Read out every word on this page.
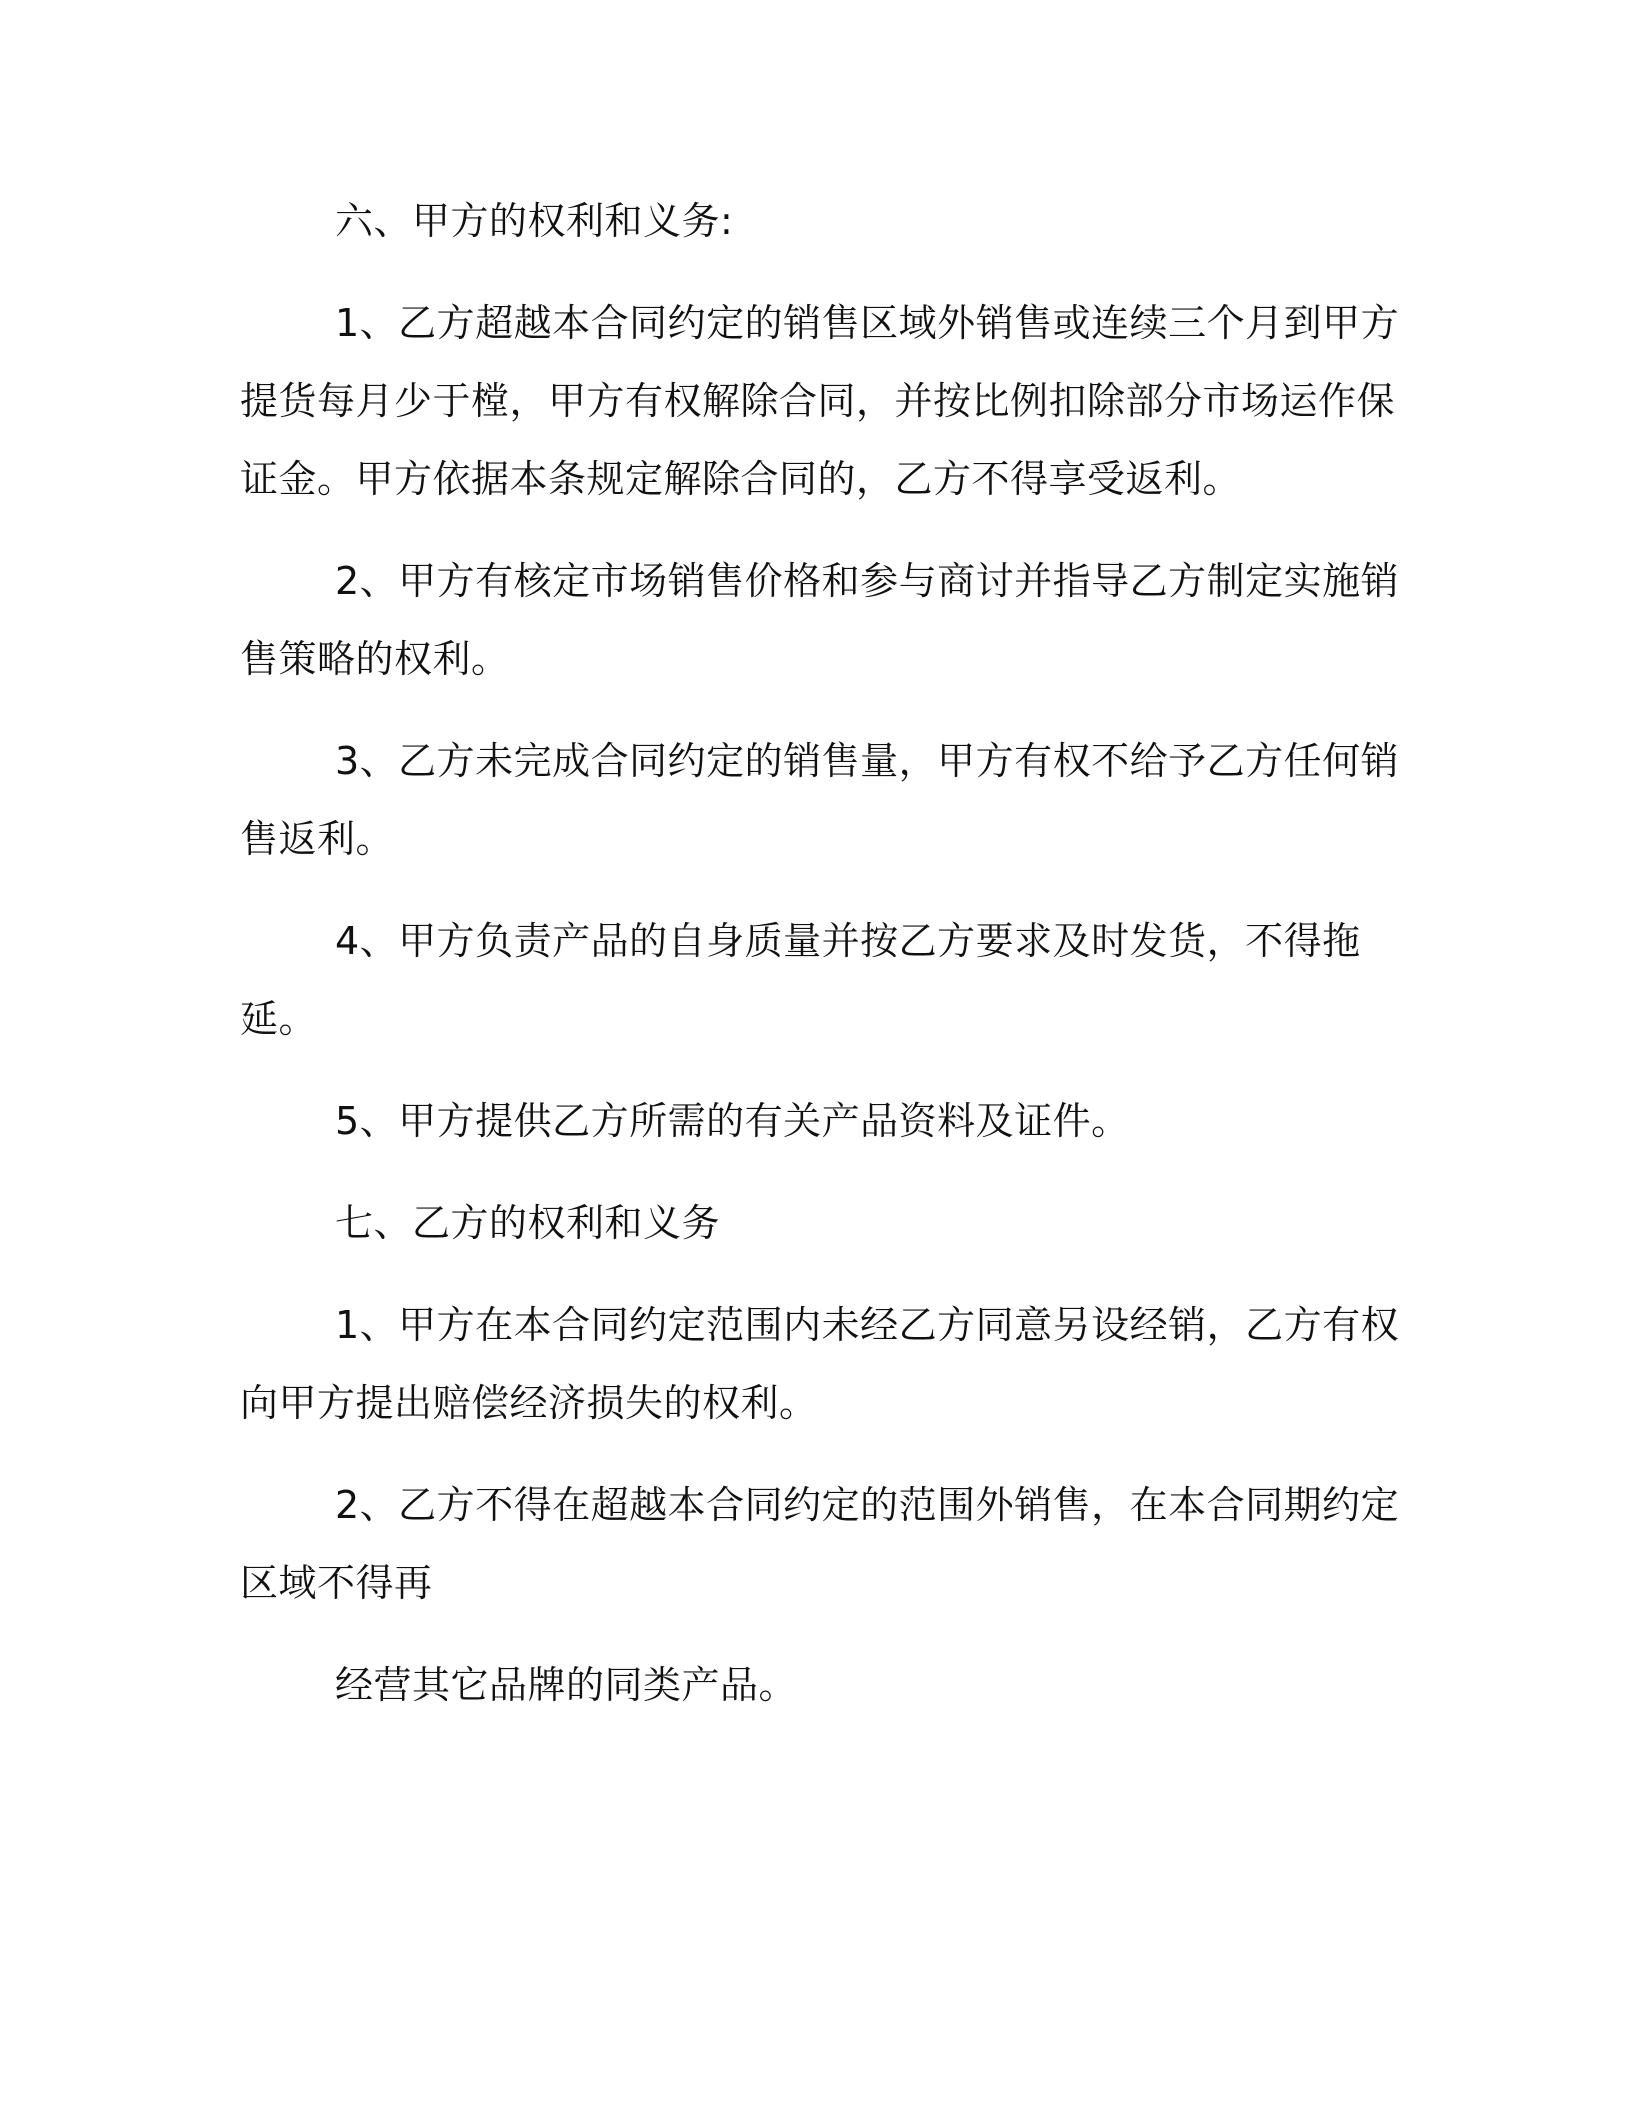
六、甲方的权利和义务:

1、乙方超越本合同约定的销售区域外销售或连续三个月到甲方提货每月少于樘，甲方有权解除合同，并按比例扣除部分市场运作保证金。甲方依据本条规定解除合同的，乙方不得享受返利。

2、甲方有核定市场销售价格和参与商讨并指导乙方制定实施销售策略的权利。

3、乙方未完成合同约定的销售量，甲方有权不给予乙方任何销售返利。

4、甲方负责产品的自身质量并按乙方要求及时发货，不得拖延。

5、甲方提供乙方所需的有关产品资料及证件。

七、乙方的权利和义务

1、甲方在本合同约定范围内未经乙方同意另设经销，乙方有权向甲方提出赔偿经济损失的权利。

2、乙方不得在超越本合同约定的范围外销售，在本合同期约定区域不得再

经营其它品牌的同类产品。
